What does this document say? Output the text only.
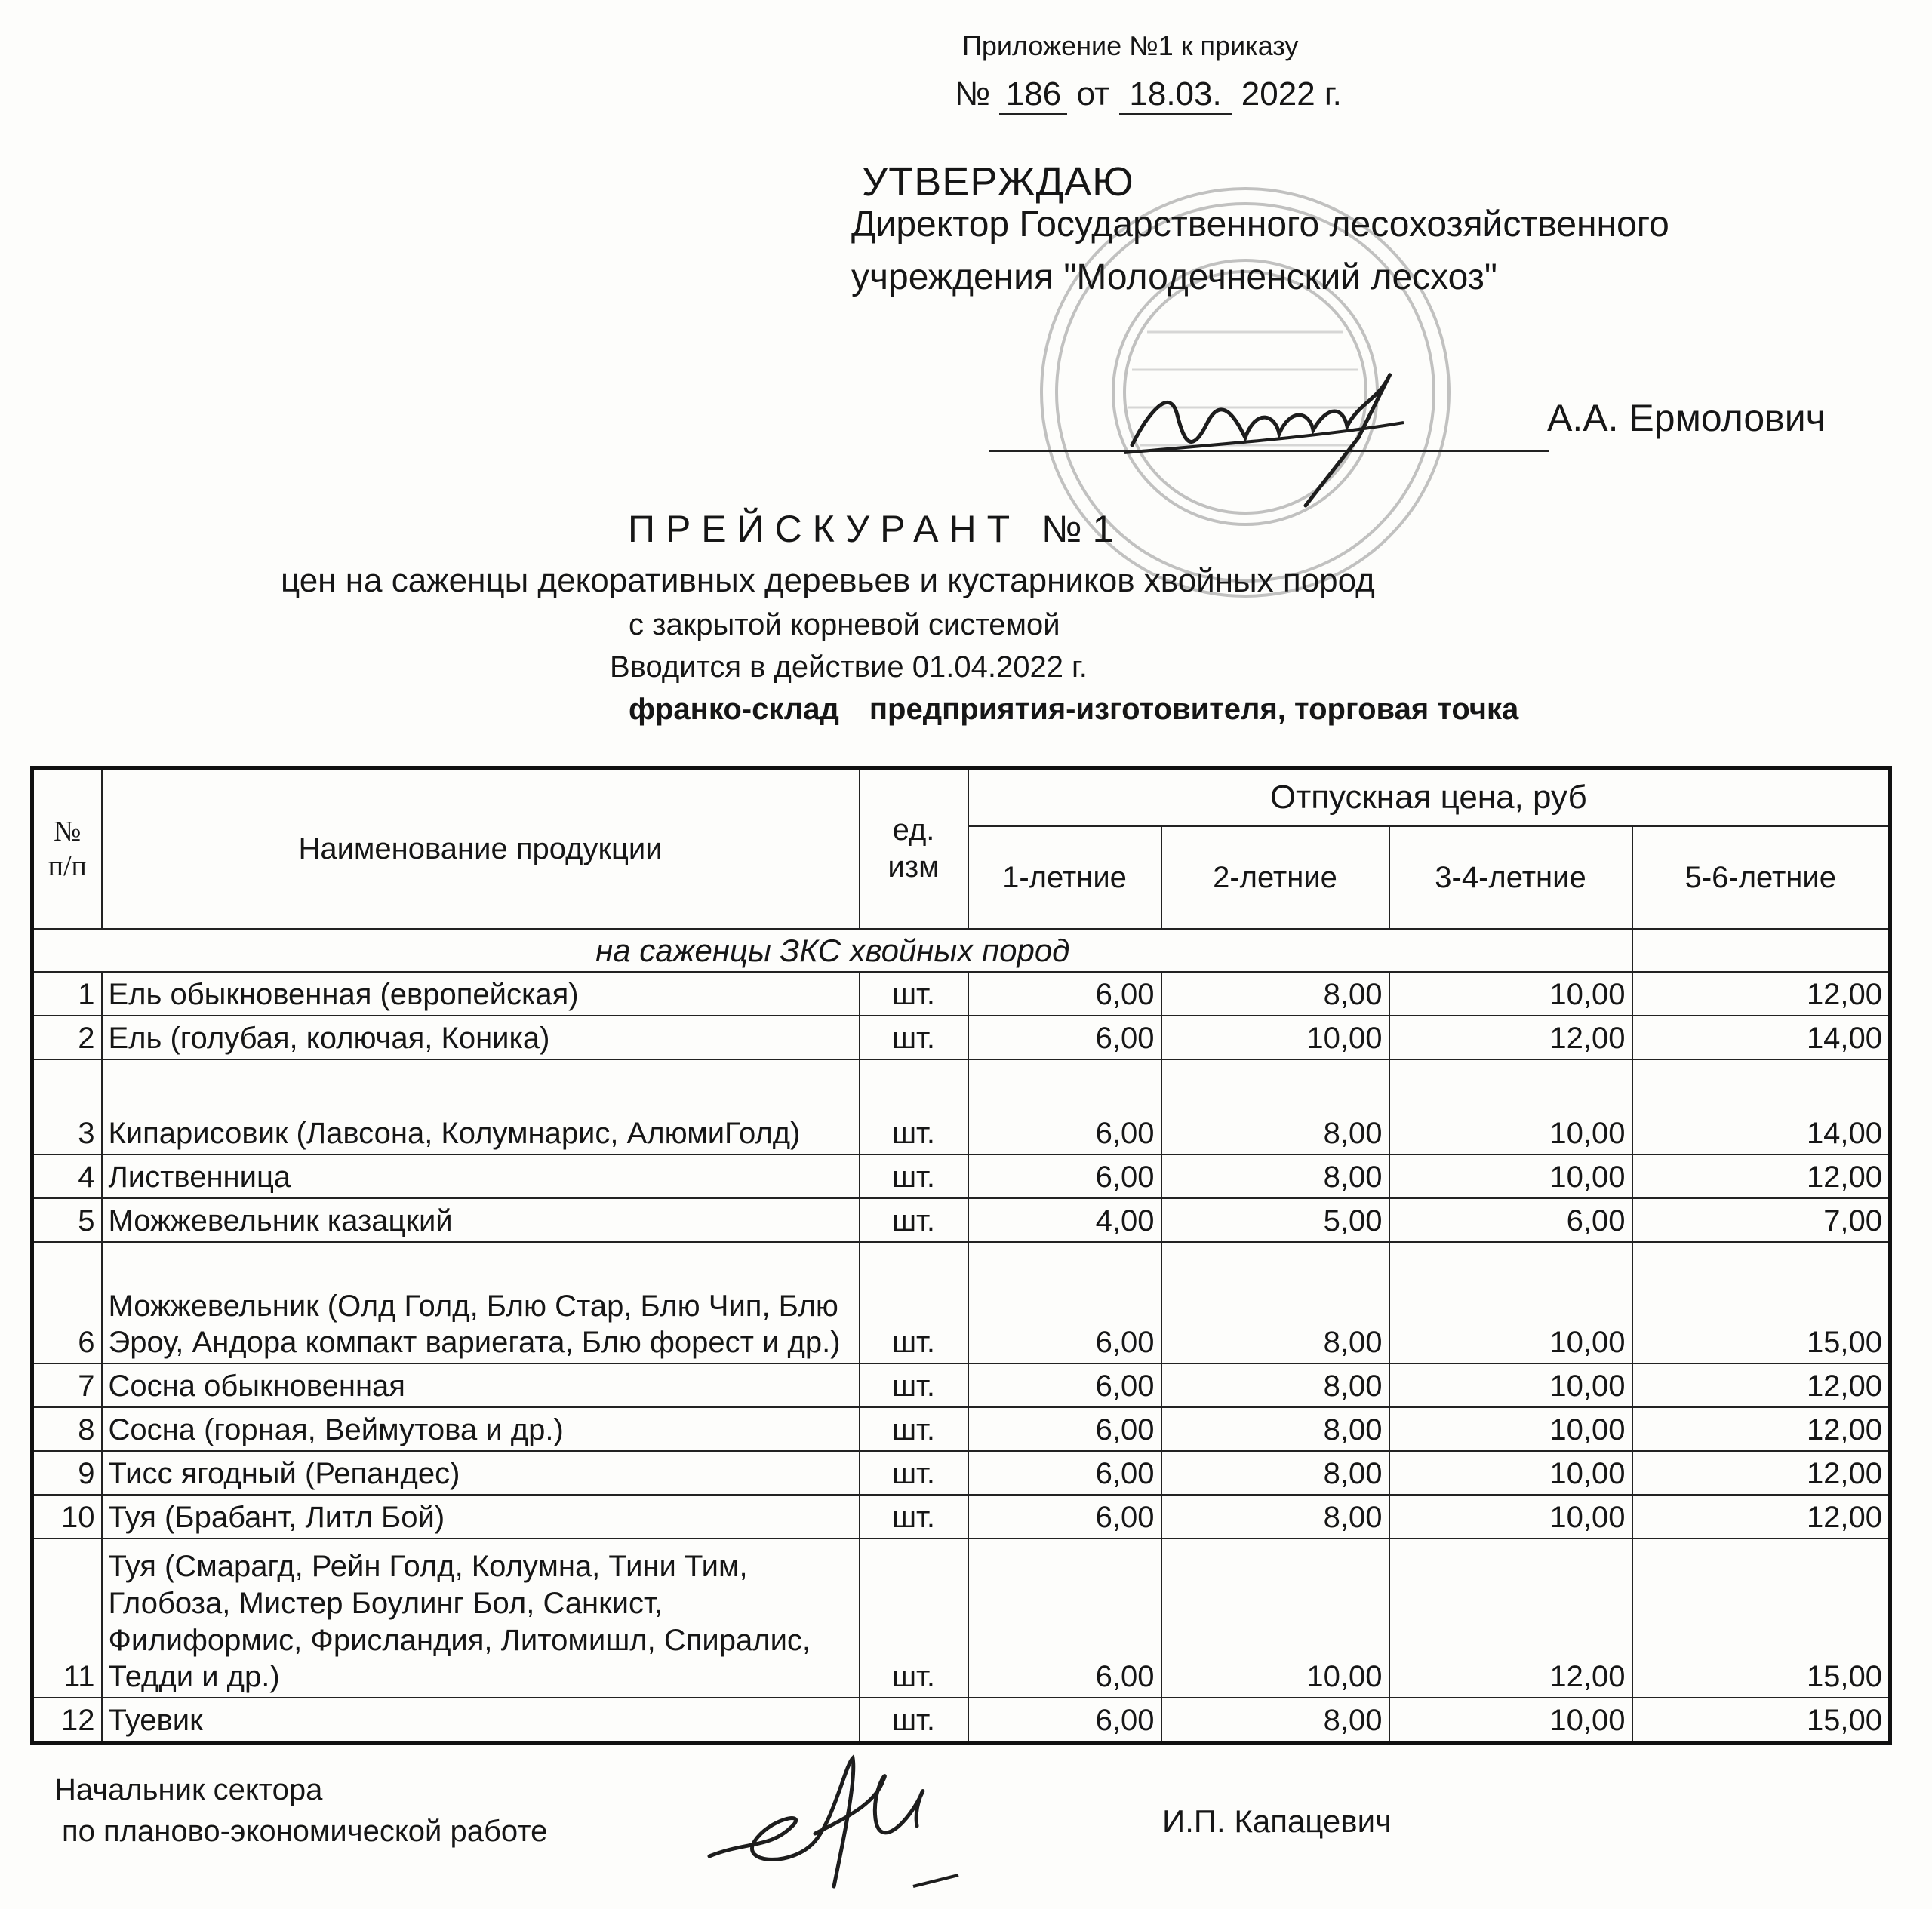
Приложение №1 к приказу
№ 186 от 18.03. 2022 г.
УТВЕРЖДАЮ
Директор Государственного лесохозяйственного
учреждения "Молодечненский лесхоз"
А.А. Ермолович
ПРЕЙСКУРАНТ №1
цен на саженцы декоративных деревьев и кустарников хвойных пород
с закрытой корневой системой
Вводится в действие 01.04.2022 г.
франко-склад предприятия-изготовителя, торговая точка
№ п/п	Наименование продукции	ед. изм	Отпускная цена, руб			
			1-летние	2-летние	3-4-летние	5-6-летние
на саженцы ЗКС хвойных пород						
1	Ель обыкновенная (европейская)	шт.	6,00	8,00	10,00	12,00
2	Ель (голубая, колючая, Коника)	шт.	6,00	10,00	12,00	14,00
3	Кипарисовик (Лавсона, Колумнарис, АлюмиГолд)	шт.	6,00	8,00	10,00	14,00
4	Лиственница	шт.	6,00	8,00	10,00	12,00
5	Можжевельник казацкий	шт.	4,00	5,00	6,00	7,00
6	Можжевельник (Олд Голд, Блю Стар, Блю Чип, Блю Эроу, Андора компакт вариегата, Блю форест и др.)	шт.	6,00	8,00	10,00	15,00
7	Сосна обыкновенная	шт.	6,00	8,00	10,00	12,00
8	Сосна (горная, Веймутова и др.)	шт.	6,00	8,00	10,00	12,00
9	Тисс ягодный (Репандес)	шт.	6,00	8,00	10,00	12,00
10	Туя (Брабант, Литл Бой)	шт.	6,00	8,00	10,00	12,00
11	Туя (Смарагд, Рейн Голд, Колумна, Тини Тим, Глобоза, Мистер Боулинг Бол, Санкист, Филиформис, Фрисландия, Литомишл, Спиралис, Тедди и др.)	шт.	6,00	10,00	12,00	15,00
12	Туевик	шт.	6,00	8,00	10,00	15,00
Начальник сектора
по планово-экономической работе	И.П. Капацевич
